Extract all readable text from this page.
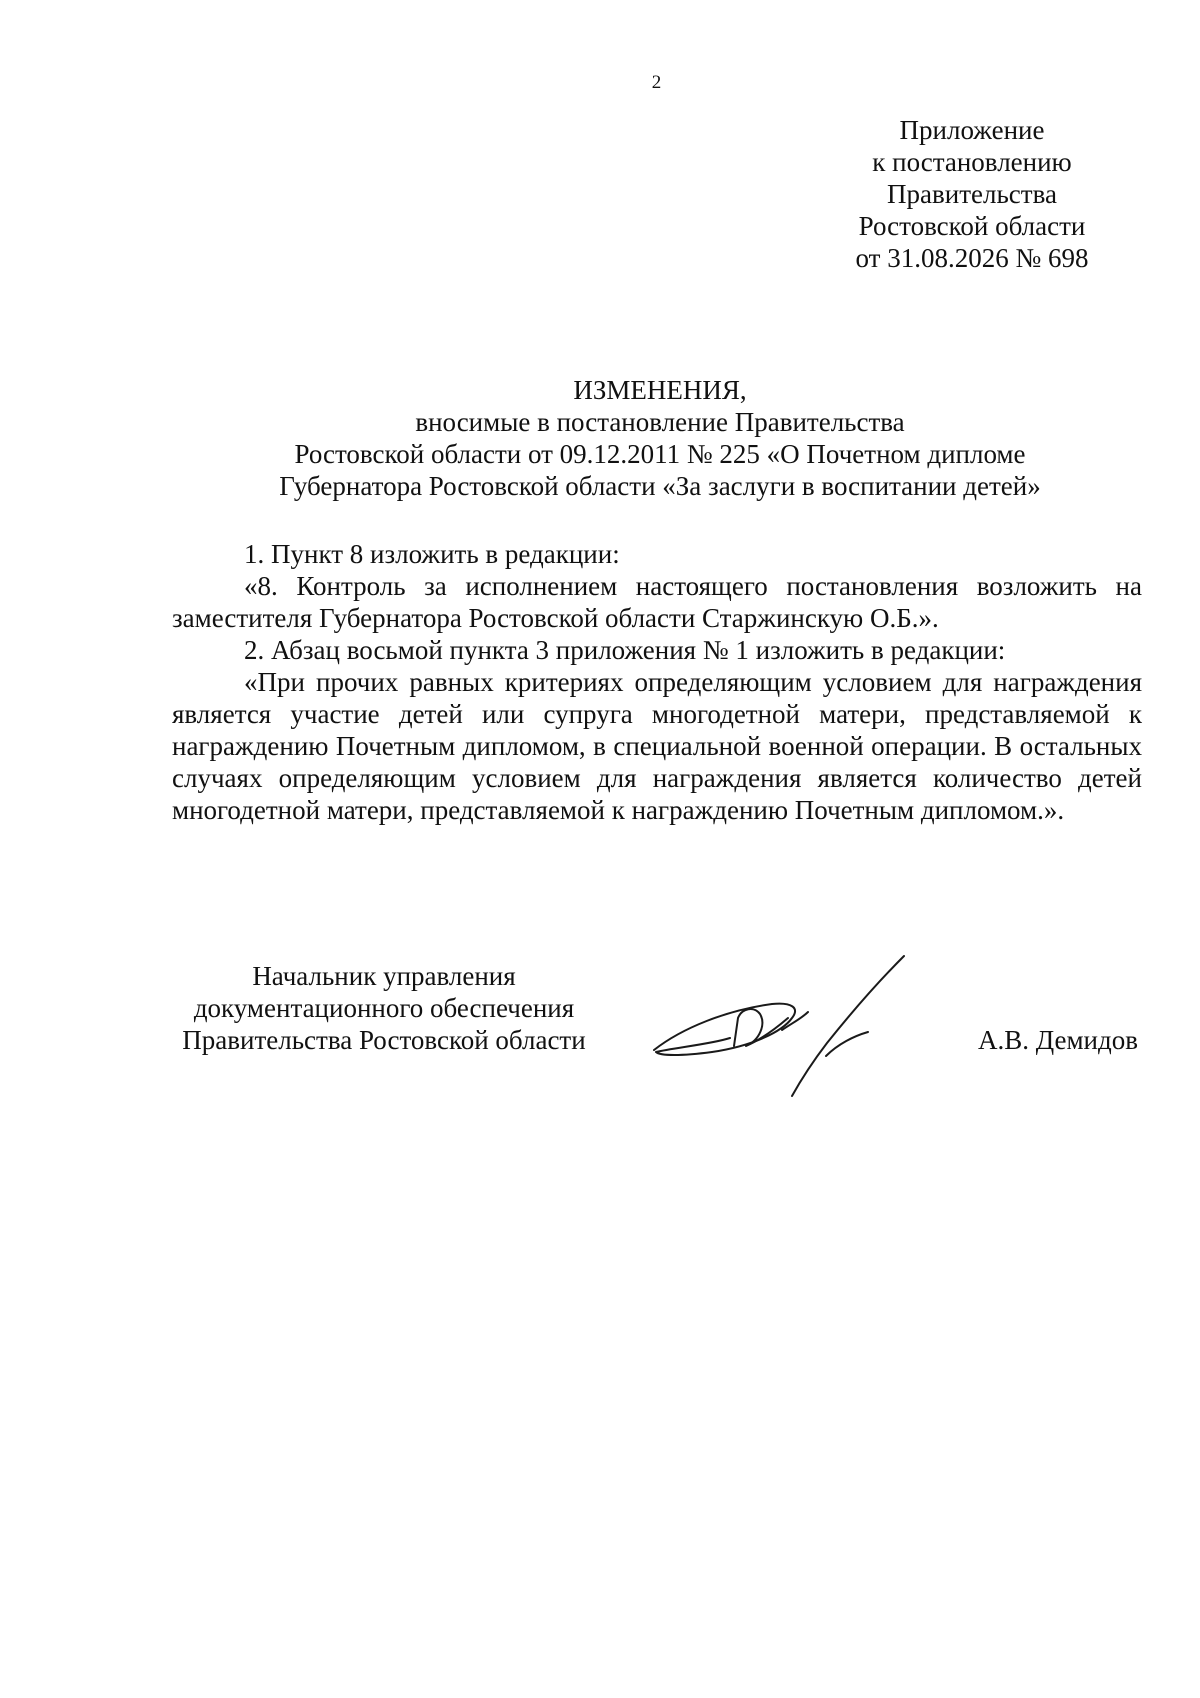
2
Приложение
к постановлению
Правительства
Ростовской области
от 31.08.2026 № 698
ИЗМЕНЕНИЯ,
вносимые в постановление Правительства
Ростовской области от 09.12.2011 № 225 «О Почетном дипломе
Губернатора Ростовской области «За заслуги в воспитании детей»

1. Пункт 8 изложить в редакции:

«8. Контроль за исполнением настоящего постановления возложить на заместителя Губернатора Ростовской области Старжинскую О.Б.».

2. Абзац восьмой пункта 3 приложения № 1 изложить в редакции:

«При прочих равных критериях определяющим условием для награждения является участие детей или супруга многодетной матери, представляемой к награждению Почетным дипломом, в специальной военной операции. В остальных случаях определяющим условием для награждения является количество детей многодетной матери, представляемой к награждению Почетным дипломом.».

Начальник управления
документационного обеспечения
Правительства Ростовской области	А.В. Демидов
